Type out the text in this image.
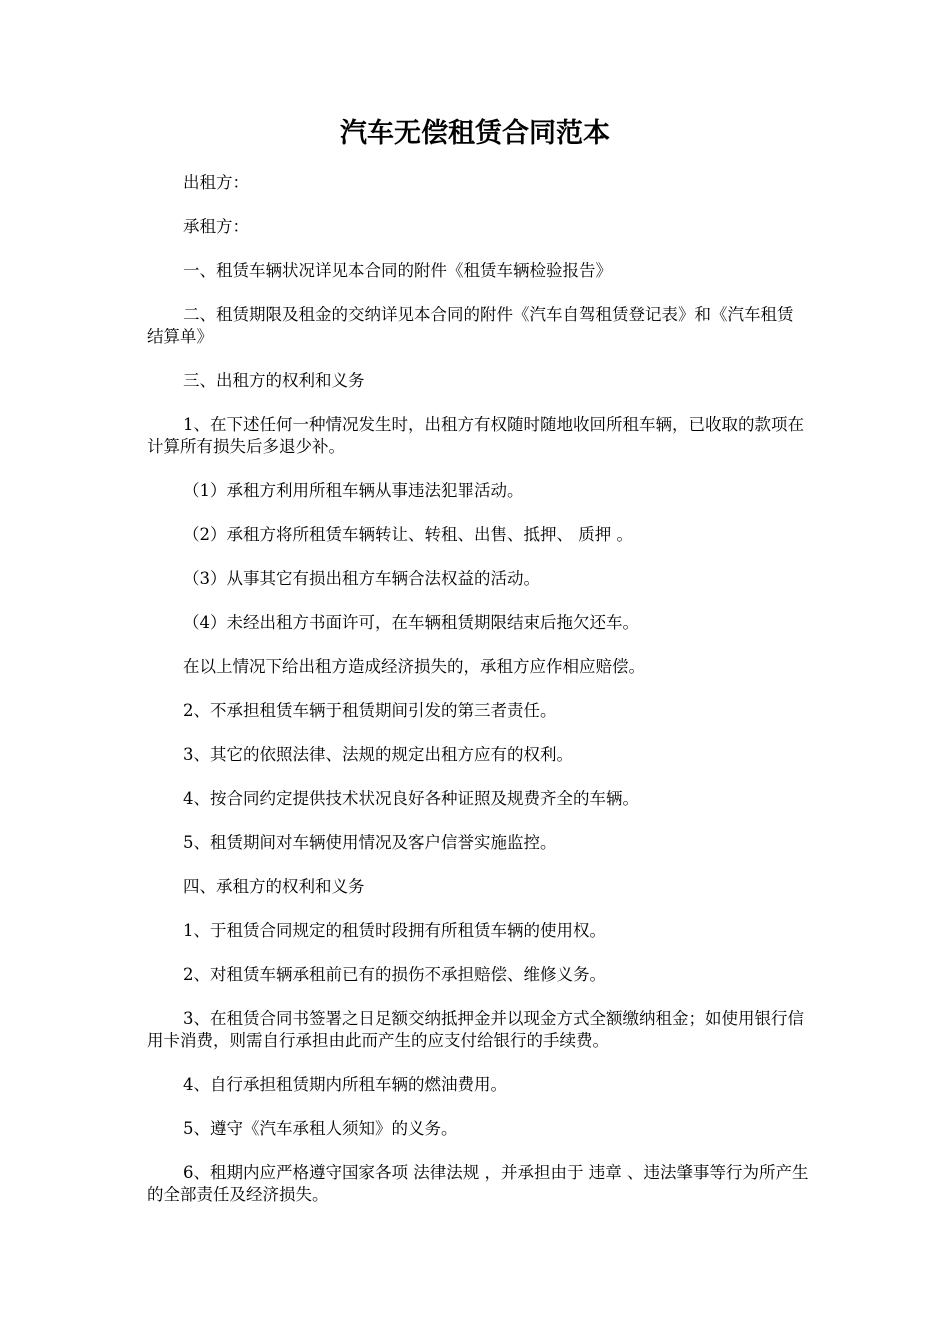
汽车无偿租赁合同范本

出租方：

承租方：

一、租赁车辆状况详见本合同的附件《租赁车辆检验报告》

二、租赁期限及租金的交纳详见本合同的附件《汽车自驾租赁登记表》和《汽车租赁结算单》

三、出租方的权利和义务

1、在下述任何一种情况发生时，出租方有权随时随地收回所租车辆，已收取的款项在计算所有损失后多退少补。

（1）承租方利用所租车辆从事违法犯罪活动。

（2）承租方将所租赁车辆转让、转租、出售、抵押、 质押 。

（3）从事其它有损出租方车辆合法权益的活动。

（4）未经出租方书面许可，在车辆租赁期限结束后拖欠还车。

在以上情况下给出租方造成经济损失的，承租方应作相应赔偿。

2、不承担租赁车辆于租赁期间引发的第三者责任。

3、其它的依照法律、法规的规定出租方应有的权利。

4、按合同约定提供技术状况良好各种证照及规费齐全的车辆。

5、租赁期间对车辆使用情况及客户信誉实施监控。

四、承租方的权利和义务

1、于租赁合同规定的租赁时段拥有所租赁车辆的使用权。

2、对租赁车辆承租前已有的损伤不承担赔偿、维修义务。

3、在租赁合同书签署之日足额交纳抵押金并以现金方式全额缴纳租金；如使用银行信用卡消费，则需自行承担由此而产生的应支付给银行的手续费。

4、自行承担租赁期内所租车辆的燃油费用。

5、遵守《汽车承租人须知》的义务。

6、租期内应严格遵守国家各项 法律法规 ，并承担由于 违章 、违法肇事等行为所产生的全部责任及经济损失。
